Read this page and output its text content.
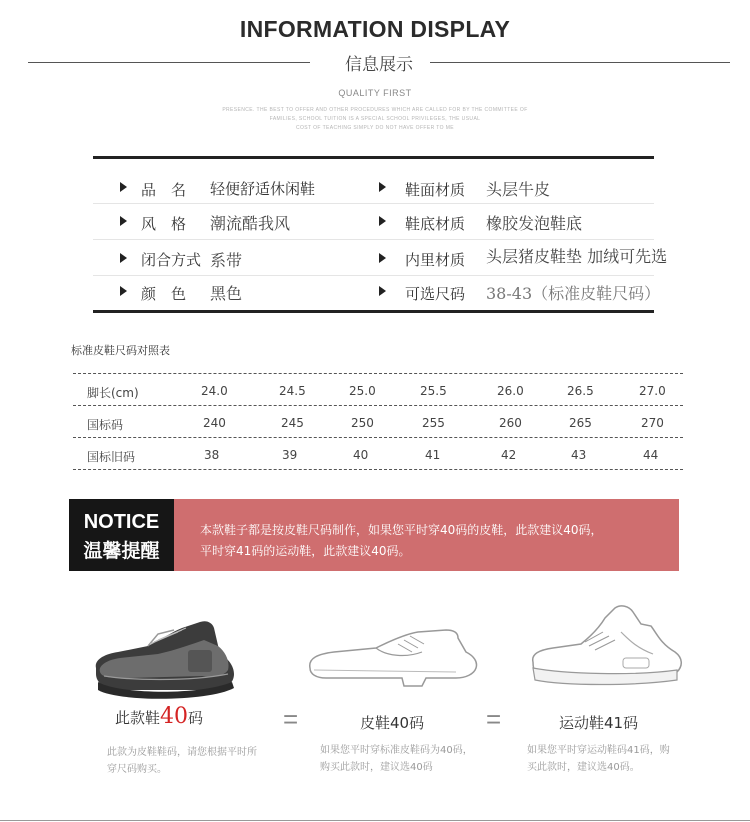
INFORMATION DISPLAY
信息展示
QUALITY FIRST
PRESENCE. THE BEST TO OFFER AND OTHER PROCEDURES WHICH ARE CALLED FOR BY THE COMMITTEE OF
FAMILIES, SCHOOL TUITION IS A SPECIAL SCHOOL PRIVILEGES, THE USUAL
COST OF TEACHING SIMPLY DO NOT HAVE OFFER TO ME
品　名 轻便舒适休闲鞋	鞋面材质 头层牛皮
风　格 潮流酷我风	鞋底材质 橡胶发泡鞋底
闭合方式 系带	内里材质 头层猪皮鞋垫 加绒可先选
颜　色 黑色	可选尺码 38-43（标准皮鞋尺码）
标准皮鞋尺码对照表
脚长(cm)	24.0	24.5	25.0	25.5	26.0	26.5	27.0
国标码	240	245	250	255	260	265	270
国标旧码	38	39	40	41	42	43	44
NOTICE
温馨提醒
本款鞋子都是按皮鞋尺码制作，如果您平时穿40码的皮鞋，此款建议40码，
平时穿41码的运动鞋，此款建议40码。
此款鞋40码	=	皮鞋40码 =	运动鞋41码
此款为皮鞋鞋码，请您根据平时所
穿尺码购买。
如果您平时穿标准皮鞋码为40码，
购买此款时，建议选40码
如果您平时穿运动鞋码41码，购
买此款时，建议选40码。
